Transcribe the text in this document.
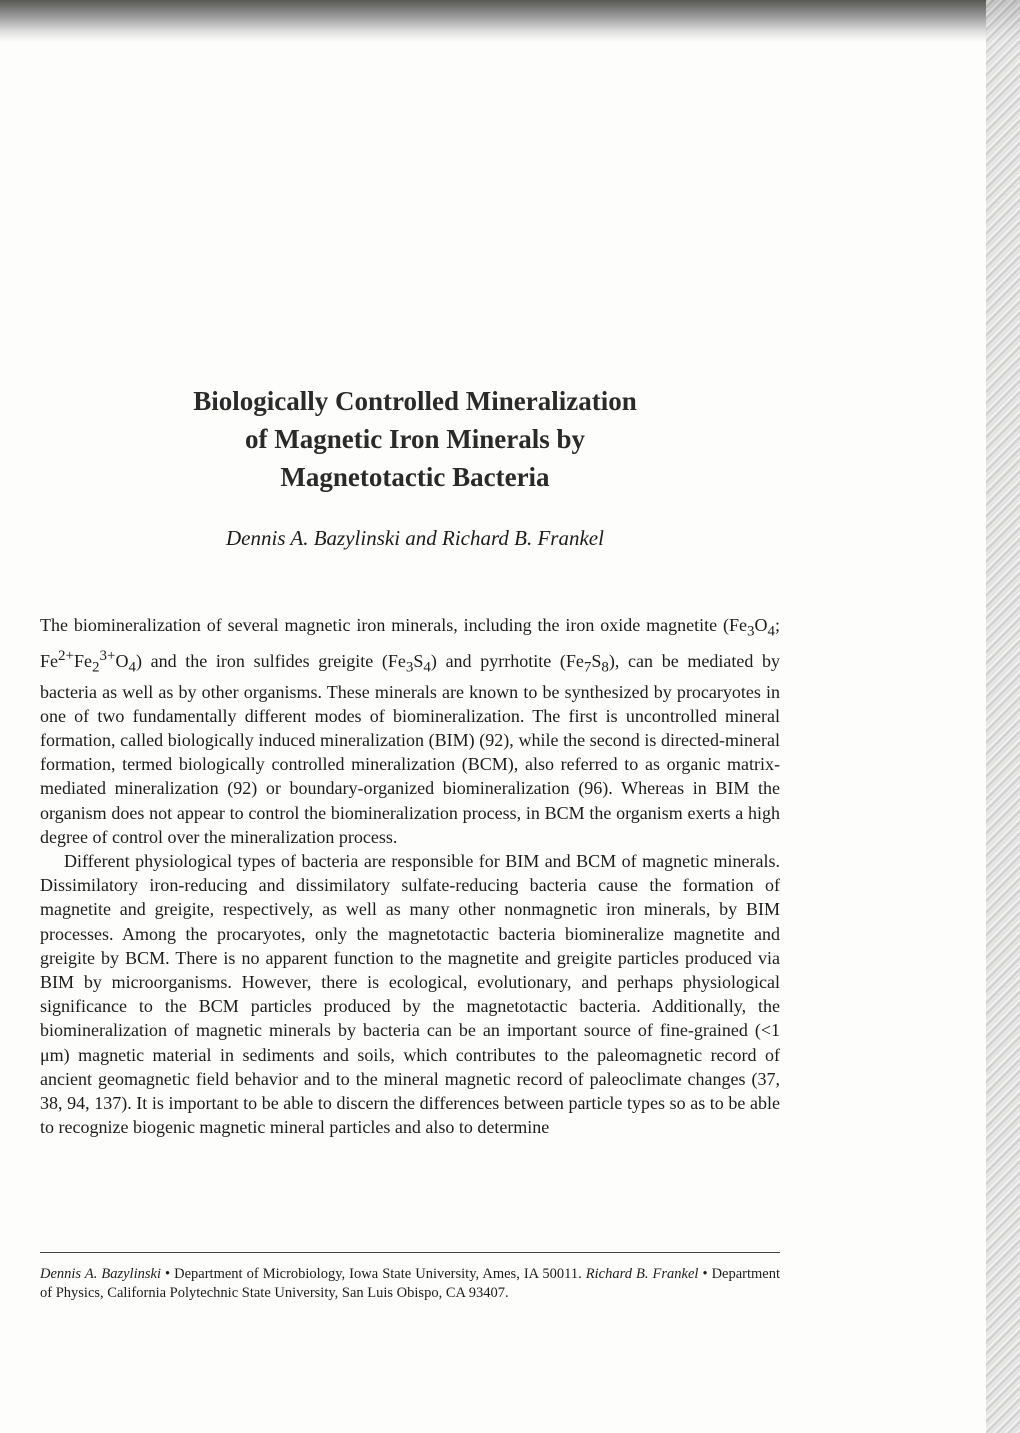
Biologically Controlled Mineralization
of Magnetic Iron Minerals by
Magnetotactic Bacteria

Dennis A. Bazylinski and Richard B. Frankel

The biomineralization of several magnetic iron minerals, including the iron oxide magnetite ($Fe_3O_4$; $Fe^{2+}Fe_2^{3+}O_4$) and the iron sulfides greigite $(Fe_3S_4)$ and pyrrhotite $(Fe_7S_8)$, can be mediated by bacteria as well as by other organisms. These minerals are known to be synthesized by procaryotes in one of two fundamentally different modes of biomineralization. The first is uncontrolled mineral formation, called biologically induced mineralization (BIM) (92), while the second is directed-mineral formation, termed biologically controlled mineralization (BCM), also referred to as organic matrix-mediated mineralization (92) or boundary-organized biomineralization (96). Whereas in BIM the organism does not appear to control the biomineralization process, in BCM the organism exerts a high degree of control over the mineralization process.

Different physiological types of bacteria are responsible for BIM and BCM of magnetic minerals. Dissimilatory iron-reducing and dissimilatory sulfate-reducing bacteria cause the formation of magnetite and greigite, respectively, as well as many other nonmagnetic iron minerals, by BIM processes. Among the procaryotes, only the magnetotactic bacteria biomineralize magnetite and greigite by BCM. There is no apparent function to the magnetite and greigite particles produced via BIM by microorganisms. However, there is ecological, evolutionary, and perhaps physiological significance to the BCM particles produced by the magnetotactic bacteria. Additionally, the biomineralization of magnetic minerals by bacteria can be an important source of fine-grained (<1 μm) magnetic material in sediments and soils, which contributes to the paleomagnetic record of ancient geomagnetic field behavior and to the mineral magnetic record of paleoclimate changes (37, 38, 94, 137). It is important to be able to discern the differences between particle types so as to be able to recognize biogenic magnetic mineral particles and also to determine

Dennis A. Bazylinski • Department of Microbiology, Iowa State University, Ames, IA 50011. Richard B. Frankel • Department of Physics, California Polytechnic State University, San Luis Obispo, CA 93407.
